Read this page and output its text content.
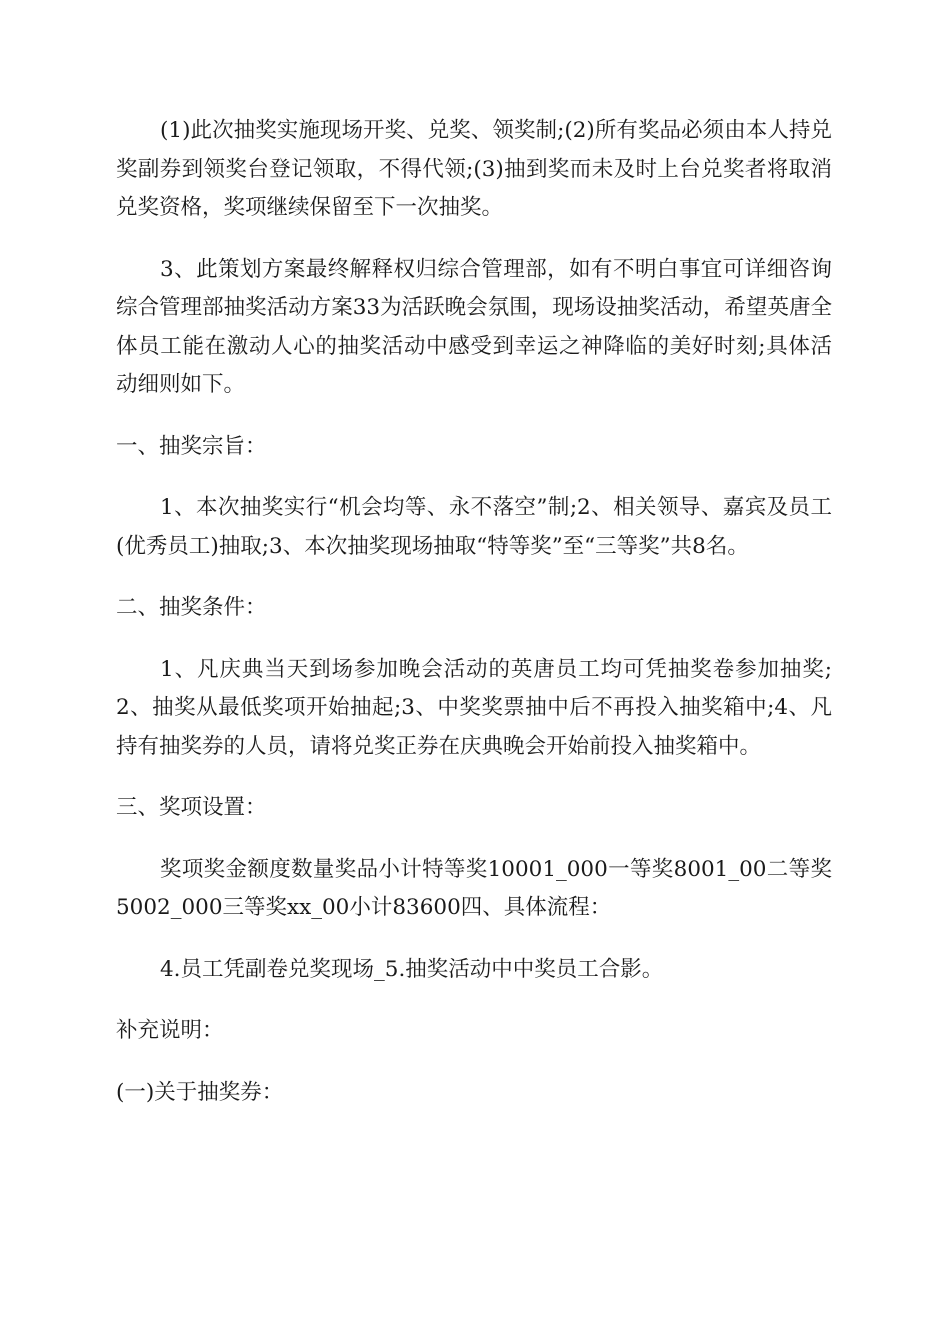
(1)此次抽奖实施现场开奖、兑奖、领奖制;(2)所有奖品必须由本人持兑奖副券到领奖台登记领取，不得代领;(3)抽到奖而未及时上台兑奖者将取消兑奖资格，奖项继续保留至下一次抽奖。

3、此策划方案最终解释权归综合管理部，如有不明白事宜可详细咨询综合管理部抽奖活动方案33为活跃晚会氛围，现场设抽奖活动，希望英唐全体员工能在激动人心的抽奖活动中感受到幸运之神降临的美好时刻;具体活动细则如下。

一、抽奖宗旨：

1、本次抽奖实行“机会均等、永不落空”制;2、相关领导、嘉宾及员工(优秀员工)抽取;3、本次抽奖现场抽取“特等奖”至“三等奖”共8名。

二、抽奖条件：

1、凡庆典当天到场参加晚会活动的英唐员工均可凭抽奖卷参加抽奖;2、抽奖从最低奖项开始抽起;3、中奖奖票抽中后不再投入抽奖箱中;4、凡持有抽奖券的人员，请将兑奖正券在庆典晚会开始前投入抽奖箱中。

三、奖项设置：

奖项奖金额度数量奖品小计特等奖10001_000一等奖8001_00二等奖5002_000三等奖xx_00小计83600四、具体流程：

4.员工凭副卷兑奖现场_5.抽奖活动中中奖员工合影。

补充说明：

(一)关于抽奖券：
